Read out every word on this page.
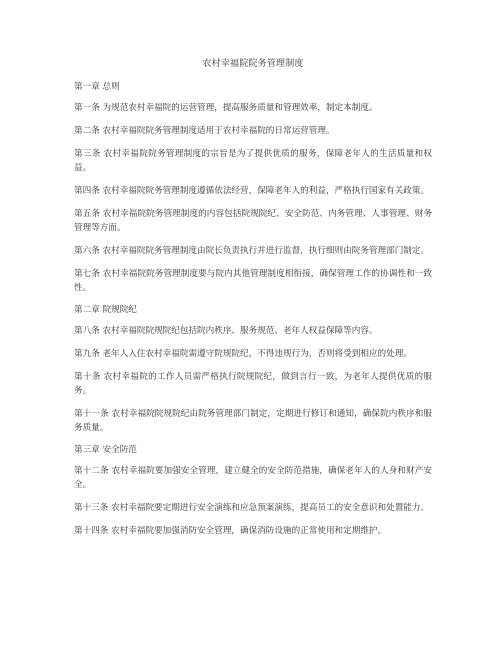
农村幸福院院务管理制度
第一章 总则

第一条 为规范农村幸福院的运营管理，提高服务质量和管理效率，制定本制度。

第二条 农村幸福院院务管理制度适用于农村幸福院的日常运营管理。

第三条 农村幸福院院务管理制度的宗旨是为了提供优质的服务，保障老年人的生活质量和权益。

第四条 农村幸福院院务管理制度遵循依法经营，保障老年人的利益，严格执行国家有关政策。

第五条 农村幸福院院务管理制度的内容包括院规院纪、安全防范、内务管理、人事管理、财务管理等方面。

第六条 农村幸福院院务管理制度由院长负责执行并进行监督，执行细则由院务管理部门制定。

第七条 农村幸福院院务管理制度要与院内其他管理制度相衔接，确保管理工作的协调性和一致性。

第二章 院规院纪

第八条 农村幸福院院规院纪包括院内秩序、服务规范、老年人权益保障等内容。

第九条 老年人入住农村幸福院需遵守院规院纪，不得违规行为，否则将受到相应的处理。

第十条 农村幸福院的工作人员需严格执行院规院纪，做到言行一致，为老年人提供优质的服务。

第十一条 农村幸福院院规院纪由院务管理部门制定，定期进行修订和通知，确保院内秩序和服务质量。

第三章 安全防范

第十二条 农村幸福院要加强安全管理，建立健全的安全防范措施，确保老年人的人身和财产安全。

第十三条 农村幸福院要定期进行安全演练和应急预案演练，提高员工的安全意识和处置能力。

第十四条 农村幸福院要加强消防安全管理，确保消防设施的正常使用和定期维护。
